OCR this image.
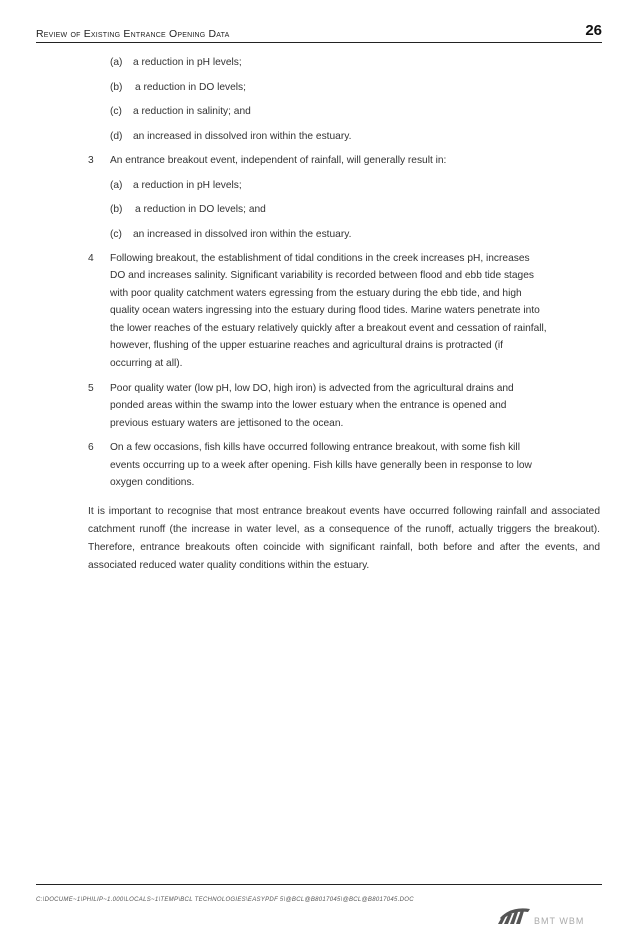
Review of Existing Entrance Opening Data	26
(a) a reduction in pH levels;
(b) a reduction in DO levels;
(c) a reduction in salinity; and
(d) an increased in dissolved iron within the estuary.
3 An entrance breakout event, independent of rainfall, will generally result in:
(a) a reduction in pH levels;
(b) a reduction in DO levels; and
(c) an increased in dissolved iron within the estuary.
4 Following breakout, the establishment of tidal conditions in the creek increases pH, increases
DO and increases salinity. Significant variability is recorded between flood and ebb tide stages
with poor quality catchment waters egressing from the estuary during the ebb tide, and high
quality ocean waters ingressing into the estuary during flood tides. Marine waters penetrate into
the lower reaches of the estuary relatively quickly after a breakout event and cessation of rainfall,
however, flushing of the upper estuarine reaches and agricultural drains is protracted (if
occurring at all).
5 Poor quality water (low pH, low DO, high iron) is advected from the agricultural drains and
ponded areas within the swamp into the lower estuary when the entrance is opened and
previous estuary waters are jettisoned to the ocean.
6 On a few occasions, fish kills have occurred following entrance breakout, with some fish kill
events occurring up to a week after opening. Fish kills have generally been in response to low
oxygen conditions.
It is important to recognise that most entrance breakout events have occurred following rainfall and associated catchment runoff (the increase in water level, as a consequence of the runoff, actually triggers the breakout). Therefore, entrance breakouts often coincide with significant rainfall, both before and after the events, and associated reduced water quality conditions within the estuary.
C:\DOCUME~1\PHILIP~1.000\LOCALS~1\TEMP\BCL TECHNOLOGIES\EASYPDF 5\@BCL@B8017045\@BCL@B8017045.DOC
BMT WBM
